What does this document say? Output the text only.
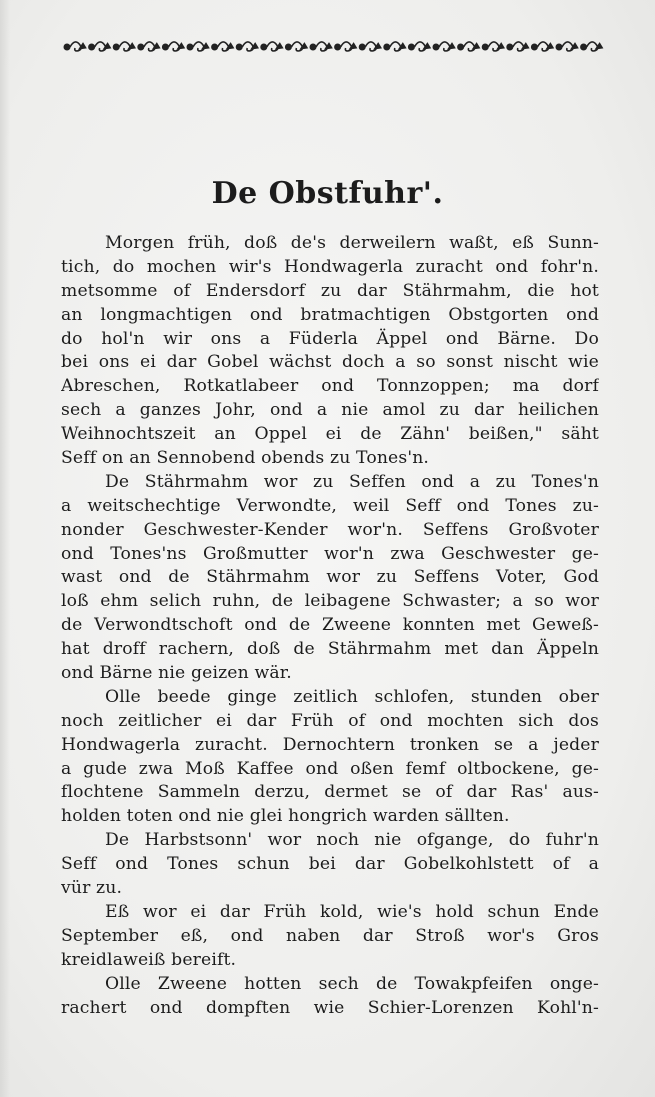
De Obstfuhr'.
Morgen früh, doß de's derweilern waßt, eß Sunn-
tich, do mochen wir's Hondwagerla zuracht ond fohr'n.
metsomme of Endersdorf zu dar Stährmahm, die hot
an longmachtigen ond bratmachtigen Obstgorten ond
do hol'n wir ons a Füderla Äppel ond Bärne. Do
bei ons ei dar Gobel wächst doch a so sonst nischt wie
Abreschen, Rotkatlabeer ond Tonnzoppen; ma dorf
sech a ganzes Johr, ond a nie amol zu dar heilichen
Weihnochtszeit an Oppel ei de Zähn' beißen," säht
Seff on an Sennobend obends zu Tones'n.
De Stährmahm wor zu Seffen ond a zu Tones'n
a weitschechtige Verwondte, weil Seff ond Tones zu-
nonder Geschwester-Kender wor'n. Seffens Großvoter
ond Tones'ns Großmutter wor'n zwa Geschwester ge-
wast ond de Stährmahm wor zu Seffens Voter, God
loß ehm selich ruhn, de leibagene Schwaster; a so wor
de Verwondtschoft ond de Zweene konnten met Geweß-
hat droff rachern, doß de Stährmahm met dan Äppeln
ond Bärne nie geizen wär.
Olle beede ginge zeitlich schlofen, stunden ober
noch zeitlicher ei dar Früh of ond mochten sich dos
Hondwagerla zuracht. Dernochtern tronken se a jeder
a gude zwa Moß Kaffee ond oßen femf oltbockene, ge-
flochtene Sammeln derzu, dermet se of dar Ras' aus-
holden toten ond nie glei hongrich warden sällten.
De Harbstsonn' wor noch nie ofgange, do fuhr'n
Seff ond Tones schun bei dar Gobelkohlstett of a
vür zu.
Eß wor ei dar Früh kold, wie's hold schun Ende
September eß, ond naben dar Stroß wor's Gros
kreidlaweiß bereift.
Olle Zweene hotten sech de Towakpfeifen onge-
rachert ond dompften wie Schier-Lorenzen Kohl'n-
